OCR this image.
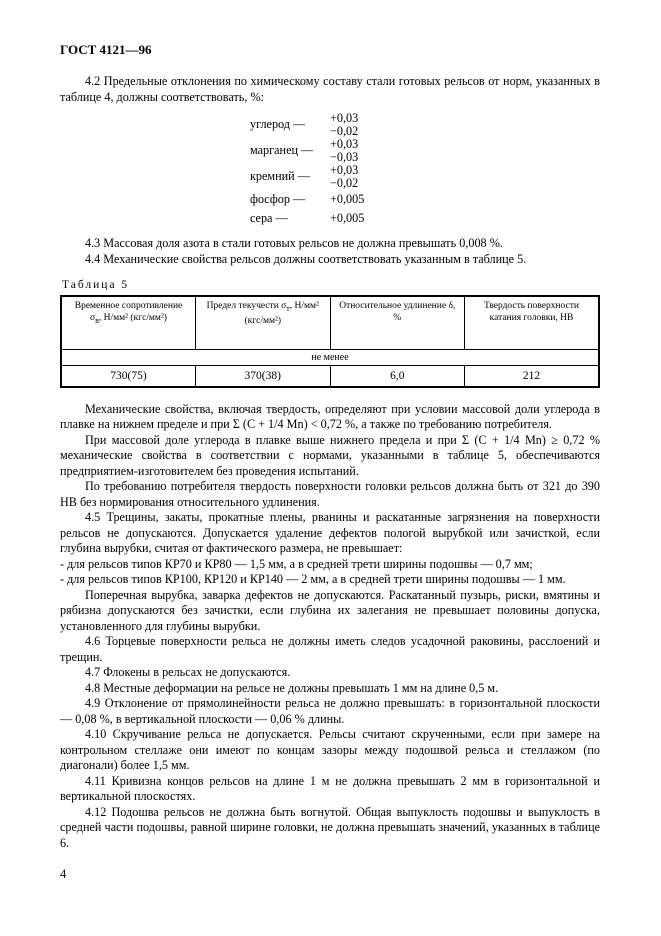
ГОСТ 4121—96

4.2 Предельные отклонения по химическому составу стали готовых рельсов от норм, указанных в таблице 4, должны соответствовать, %:

углерод —	+0,03
−0,02
марганец —	+0,03
−0,03
кремний —	+0,03
−0,02
фосфор —	+0,005
сера —	+0,005

4.3 Массовая доля азота в стали готовых рельсов не должна превышать 0,008 %.

4.4 Механические свойства рельсов должны соответствовать указанным в таблице 5.

Таблица 5
Временное сопротивление $\sigma_в$, Н/мм² (кгс/мм²)	Предел текучести $\sigma_т$, Н/мм² (кгс/мм²)	Относительное удлинение δ, %	Твердость поверхности катания головки, НВ
не менее			
730(75)	370(38)	6,0	212

Механические свойства, включая твердость, определяют при условии массовой доли углерода в плавке на нижнем пределе и при Σ (С + 1/4 Mn) < 0,72 %, а также по требованию потребителя.

При массовой доле углерода в плавке выше нижнего предела и при Σ (С + 1/4 Mn) ≥ 0,72 % механические свойства в соответствии с нормами, указанными в таблице 5, обеспечиваются предприятием-изготовителем без проведения испытаний.

По требованию потребителя твердость поверхности головки рельсов должна быть от 321 до 390 НВ без нормирования относительного удлинения.

4.5 Трещины, закаты, прокатные плены, рванины и раскатанные загрязнения на поверхности рельсов не допускаются. Допускается удаление дефектов пологой вырубкой или зачисткой, если глубина вырубки, считая от фактического размера, не превышает:

- для рельсов типов КР70 и КР80 — 1,5 мм, а в средней трети ширины подошвы — 0,7 мм;

- для рельсов типов КР100, КР120 и КР140 — 2 мм, а в средней трети ширины подошвы — 1 мм.

Поперечная вырубка, заварка дефектов не допускаются. Раскатанный пузырь, риски, вмятины и рябизна допускаются без зачистки, если глубина их залегания не превышает половины допуска, установленного для глубины вырубки.

4.6 Торцевые поверхности рельса не должны иметь следов усадочной раковины, расслоений и трещин.

4.7 Флокены в рельсах не допускаются.

4.8 Местные деформации на рельсе не должны превышать 1 мм на длине 0,5 м.

4.9 Отклонение от прямолинейности рельса не должно превышать: в горизонтальной плоскости — 0,08 %, в вертикальной плоскости — 0,06 % длины.

4.10 Скручивание рельса не допускается. Рельсы считают скрученными, если при замере на контрольном стеллаже они имеют по концам зазоры между подошвой рельса и стеллажом (по диагонали) более 1,5 мм.

4.11 Кривизна концов рельсов на длине 1 м не должна превышать 2 мм в горизонтальной и вертикальной плоскостях.

4.12 Подошва рельсов не должна быть вогнутой. Общая выпуклость подошвы и выпуклость в средней части подошвы, равной ширине головки, не должна превышать значений, указанных в таблице 6.

4
